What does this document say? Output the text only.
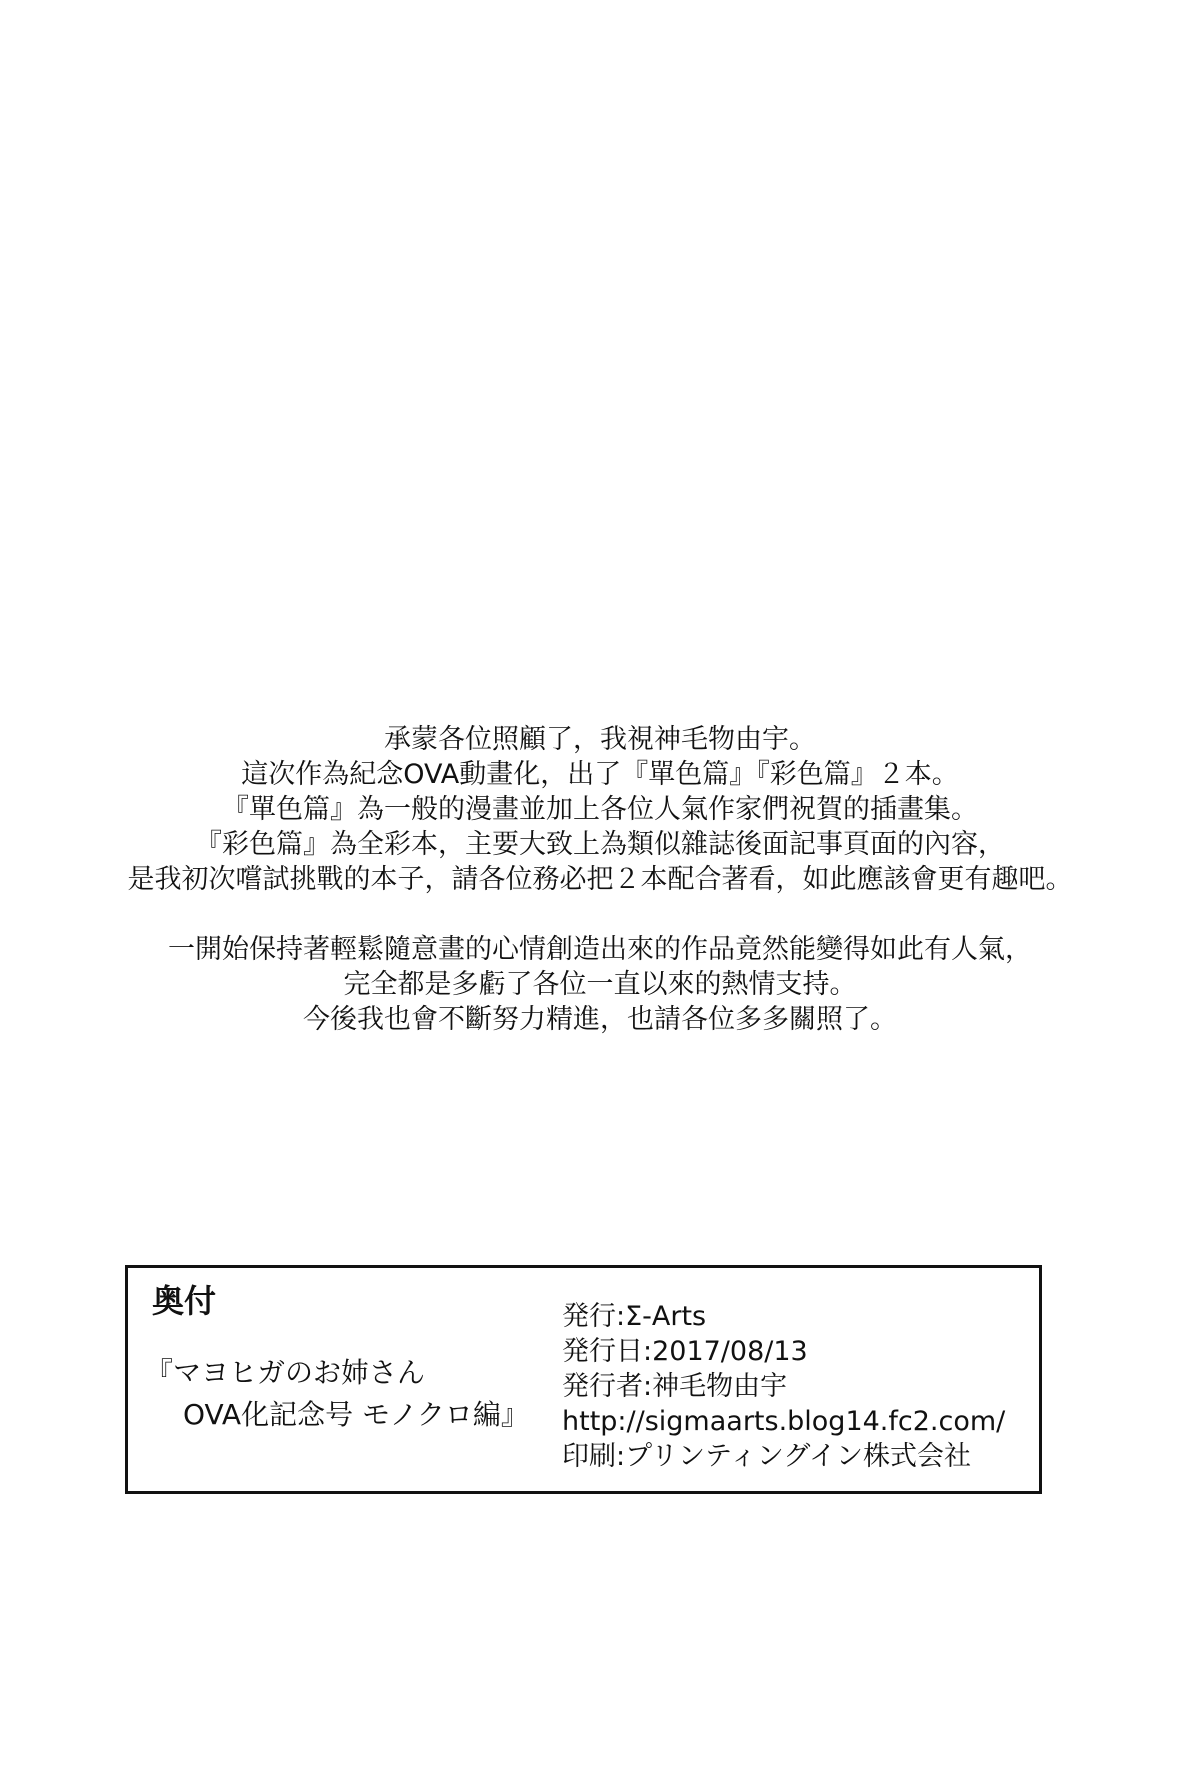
承蒙各位照顧了，我視神毛物由宇。
這次作為紀念OVA動畫化，出了『單色篇』『彩色篇』２本。
『單色篇』為一般的漫畫並加上各位人氣作家們祝賀的插畫集。
『彩色篇』為全彩本，主要大致上為類似雜誌後面記事頁面的內容，
是我初次嚐試挑戰的本子，請各位務必把２本配合著看，如此應該會更有趣吧。

一開始保持著輕鬆隨意畫的心情創造出來的作品竟然能變得如此有人氣，
完全都是多虧了各位一直以來的熱情支持。
今後我也會不斷努力精進，也請各位多多關照了。

奥付
『マヨヒガのお姉さん
OVA化記念号 モノクロ編』
発行:Σ-Arts
発行日:2017/08/13
発行者:神毛物由宇
http://sigmaarts.blog14.fc2.com/
印刷:プリンティングイン株式会社
